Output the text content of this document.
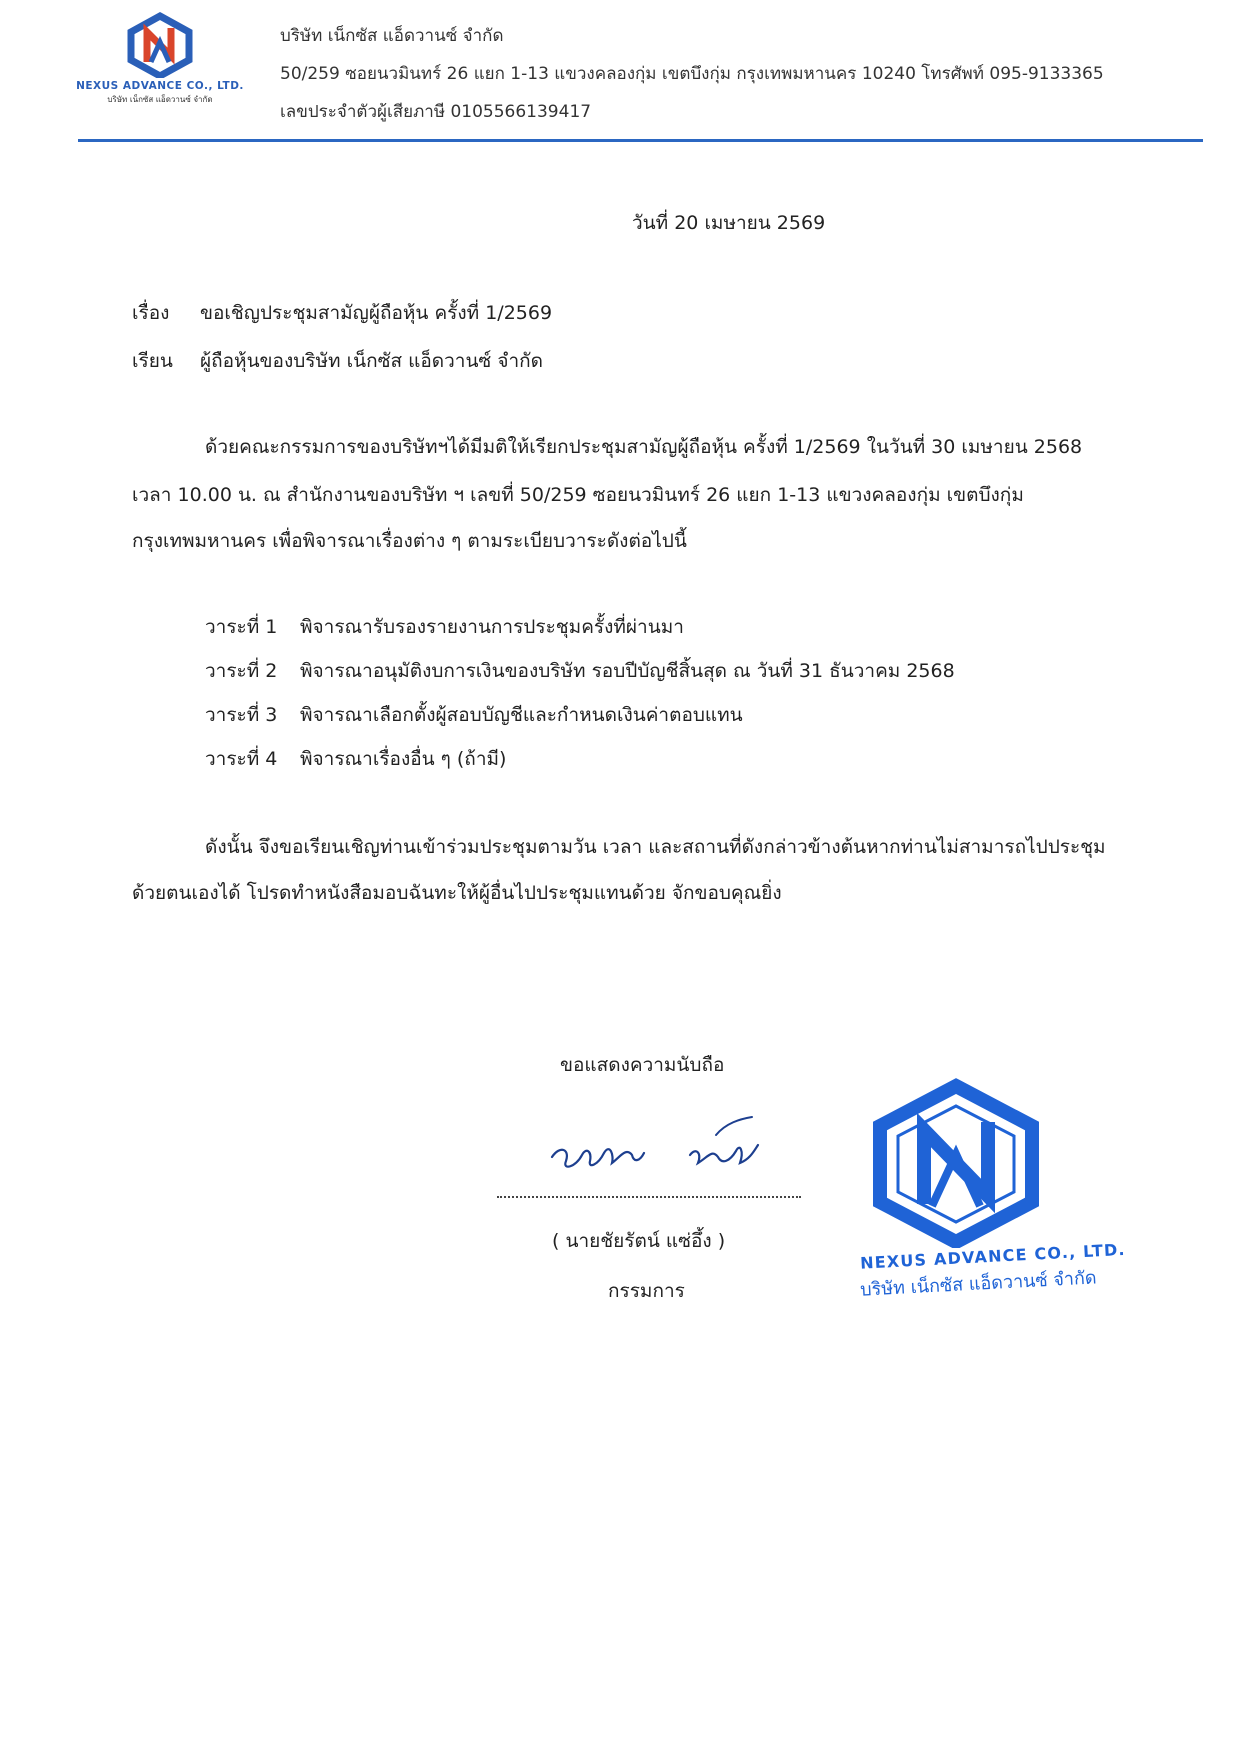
NEXUS ADVANCE CO., LTD.
บริษัท เน็กซัส แอ็ดวานซ์ จำกัด
บริษัท เน็กซัส แอ็ดวานซ์ จำกัด
50/259 ซอยนวมินทร์ 26 แยก 1-13 แขวงคลองกุ่ม เขตบึงกุ่ม กรุงเทพมหานคร 10240 โทรศัพท์ 095-9133365
เลขประจำตัวผู้เสียภาษี 0105566139417
วันที่ 20 เมษายน 2569
เรื่อง ขอเชิญประชุมสามัญผู้ถือหุ้น ครั้งที่ 1/2569
เรียน ผู้ถือหุ้นของบริษัท เน็กซัส แอ็ดวานซ์ จำกัด
ด้วยคณะกรรมการของบริษัทฯได้มีมติให้เรียกประชุมสามัญผู้ถือหุ้น ครั้งที่ 1/2569 ในวันที่ 30 เมษายน 2568
เวลา 10.00 น. ณ สำนักงานของบริษัท ฯ เลขที่ 50/259 ซอยนวมินทร์ 26 แยก 1-13 แขวงคลองกุ่ม เขตบึงกุ่ม
กรุงเทพมหานคร เพื่อพิจารณาเรื่องต่าง ๆ ตามระเบียบวาระดังต่อไปนี้
วาระที่ 1 พิจารณารับรองรายงานการประชุมครั้งที่ผ่านมา
วาระที่ 2 พิจารณาอนุมัติงบการเงินของบริษัท รอบปีบัญชีสิ้นสุด ณ วันที่ 31 ธันวาคม 2568
วาระที่ 3 พิจารณาเลือกตั้งผู้สอบบัญชีและกำหนดเงินค่าตอบแทน
วาระที่ 4 พิจารณาเรื่องอื่น ๆ (ถ้ามี)
ดังนั้น จึงขอเรียนเชิญท่านเข้าร่วมประชุมตามวัน เวลา และสถานที่ดังกล่าวข้างต้นหากท่านไม่สามารถไปประชุม
ด้วยตนเองได้ โปรดทำหนังสือมอบฉันทะให้ผู้อื่นไปประชุมแทนด้วย จักขอบคุณยิ่ง
ขอแสดงความนับถือ
( นายชัยรัตน์ แซ่อึ้ง )
กรรมการ
NEXUS ADVANCE CO., LTD.
บริษัท เน็กซัส แอ็ดวานซ์ จำกัด
